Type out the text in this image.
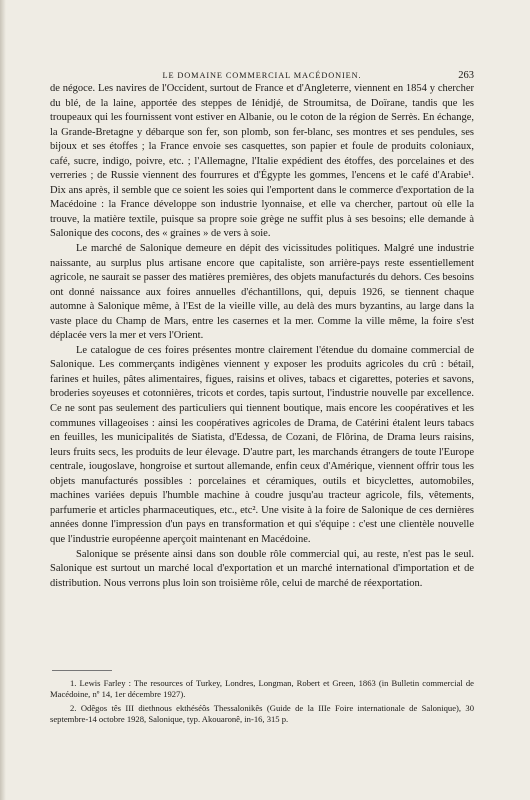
LE DOMAINE COMMERCIAL MACÉDONIEN.	263

de négoce. Les navires de l'Occident, surtout de France et d'Angleterre, viennent en 1854 y chercher du blé, de la laine, apportée des steppes de Iénidjé, de Stroumitsa, de Doïrane, tandis que les troupeaux qui les fournissent vont estiver en Albanie, ou le coton de la région de Serrès. En échange, la Grande-Bretagne y débarque son fer, son plomb, son fer-blanc, ses montres et ses pendules, ses bijoux et ses étoffes ; la France envoie ses casquettes, son papier et foule de produits coloniaux, café, sucre, indigo, poivre, etc. ; l'Allemagne, l'Italie expédient des étoffes, des porcelaines et des verreries ; de Russie viennent des fourrures et d'Égypte les gommes, l'encens et le café d'Arabie¹. Dix ans après, il semble que ce soient les soies qui l'emportent dans le commerce d'exportation de la Macédoine : la France développe son industrie lyonnaise, et elle va chercher, partout où elle la trouve, la matière textile, puisque sa propre soie grège ne suffit plus à ses besoins; elle demande à Salonique des cocons, des « graines » de vers à soie.

Le marché de Salonique demeure en dépit des vicissitudes politiques. Malgré une industrie naissante, au surplus plus artisane encore que capitaliste, son arrière-pays reste essentiellement agricole, ne saurait se passer des matières premières, des objets manufacturés du dehors. Ces besoins ont donné naissance aux foires annuelles d'échantillons, qui, depuis 1926, se tiennent chaque automne à Salonique même, à l'Est de la vieille ville, au delà des murs byzantins, au large dans la vaste place du Champ de Mars, entre les casernes et la mer. Comme la ville même, la foire s'est déplacée vers la mer et vers l'Orient.

Le catalogue de ces foires présentes montre clairement l'étendue du domaine commercial de Salonique. Les commerçants indigènes viennent y exposer les produits agricoles du crû : bétail, farines et huiles, pâtes alimentaires, figues, raisins et olives, tabacs et cigarettes, poteries et savons, broderies soyeuses et cotonnières, tricots et cordes, tapis surtout, l'industrie nouvelle par excellence. Ce ne sont pas seulement des particuliers qui tiennent boutique, mais encore les coopératives et les communes villageoises : ainsi les coopératives agricoles de Drama, de Catérini étalent leurs tabacs en feuilles, les municipalités de Siatista, d'Edessa, de Cozani, de Flôrina, de Drama leurs raisins, leurs fruits secs, les produits de leur élevage. D'autre part, les marchands étrangers de toute l'Europe centrale, iougoslave, hongroise et surtout allemande, enfin ceux d'Amérique, viennent offrir tous les objets manufacturés possibles : porcelaines et céramiques, outils et bicyclettes, automobiles, machines variées depuis l'humble machine à coudre jusqu'au tracteur agricole, fils, vêtements, parfumerie et articles pharmaceutiques, etc., etc². Une visite à la foire de Salonique de ces dernières années donne l'impression d'un pays en transformation et qui s'équipe : c'est une clientèle nouvelle que l'industrie européenne aperçoit maintenant en Macédoine.

Salonique se présente ainsi dans son double rôle commercial qui, au reste, n'est pas le seul. Salonique est surtout un marché local d'exportation et un marché international d'importation et de distribution. Nous verrons plus loin son troisième rôle, celui de marché de réexportation.

1. Lewis Farley : The resources of Turkey, Londres, Longman, Robert et Green, 1863 (in Bulletin commercial de Macédoine, nº 14, 1er décembre 1927).

2. Odêgos tês III diethnous ekthéséôs Thessalonikês (Guide de la IIIe Foire internationale de Salonique), 30 septembre-14 octobre 1928, Salonique, typ. Akouaronê, in-16, 315 p.
